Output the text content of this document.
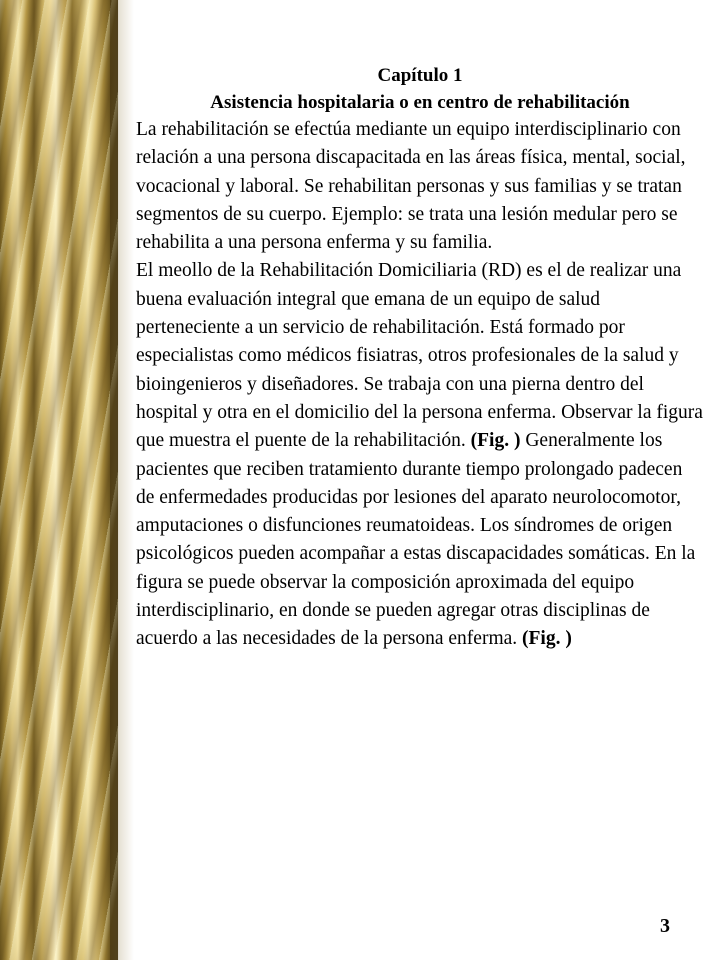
Capítulo 1

Asistencia hospitalaria o en centro de rehabilitación

La rehabilitación se efectúa mediante un equipo interdisciplinario con relación a una persona discapacitada en las áreas física, mental, social, vocacional y laboral. Se rehabilitan personas y sus familias y se tratan segmentos de su cuerpo. Ejemplo: se trata una lesión medular pero se rehabilita a una persona enferma y su familia.

El meollo de la Rehabilitación Domiciliaria (RD) es el de realizar una buena evaluación integral que emana de un equipo de salud perteneciente a un servicio de rehabilitación. Está formado por especialistas como médicos fisiatras, otros profesionales de la salud y bioingenieros y diseñadores. Se trabaja con una pierna dentro del hospital y otra en el domicilio del la persona enferma. Observar la figura que muestra el puente de la rehabilitación. (Fig. ) Generalmente los pacientes que reciben tratamiento durante tiempo prolongado padecen de enfermedades producidas por lesiones del aparato neurolocomotor, amputaciones o disfunciones reumatoideas. Los síndromes de origen psicológicos pueden acompañar a estas discapacidades somáticas. En la figura se puede observar la composición aproximada del equipo interdisciplinario, en donde se pueden agregar otras disciplinas de acuerdo a las necesidades de la persona enferma. (Fig. )

3
